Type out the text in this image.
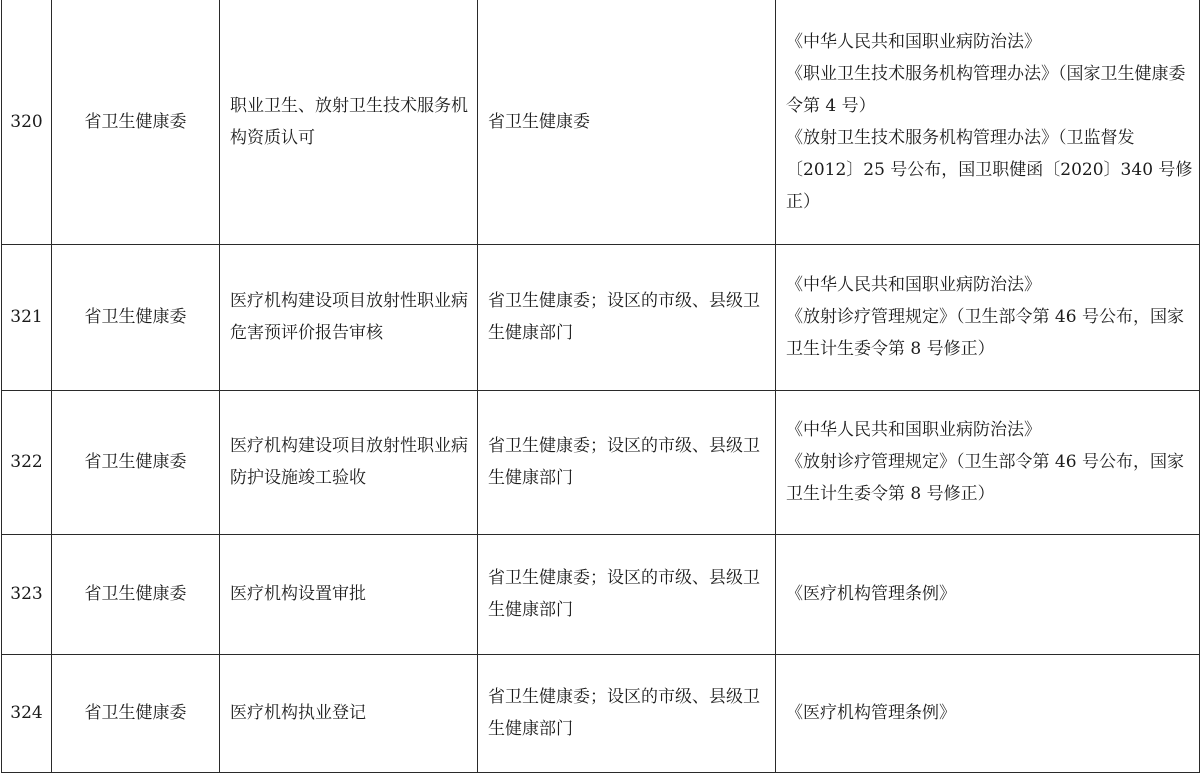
320	省卫生健康委	职业卫生、放射卫生技术服务机构资质认可	省卫生健康委	《中华人民共和国职业病防治法》
《职业卫生技术服务机构管理办法》（国家卫生健康委令第 4 号）
《放射卫生技术服务机构管理办法》（卫监督发〔2012〕25 号公布，国卫职健函〔2020〕340 号修正）

321	省卫生健康委	医疗机构建设项目放射性职业病危害预评价报告审核	省卫生健康委；设区的市级、县级卫生健康部门	《中华人民共和国职业病防治法》
《放射诊疗管理规定》（卫生部令第 46 号公布，国家卫生计生委令第 8 号修正）

322	省卫生健康委	医疗机构建设项目放射性职业病防护设施竣工验收	省卫生健康委；设区的市级、县级卫生健康部门	《中华人民共和国职业病防治法》
《放射诊疗管理规定》（卫生部令第 46 号公布，国家卫生计生委令第 8 号修正）

323	省卫生健康委	医疗机构设置审批	省卫生健康委；设区的市级、县级卫生健康部门	《医疗机构管理条例》

324	省卫生健康委	医疗机构执业登记	省卫生健康委；设区的市级、县级卫生健康部门	《医疗机构管理条例》
